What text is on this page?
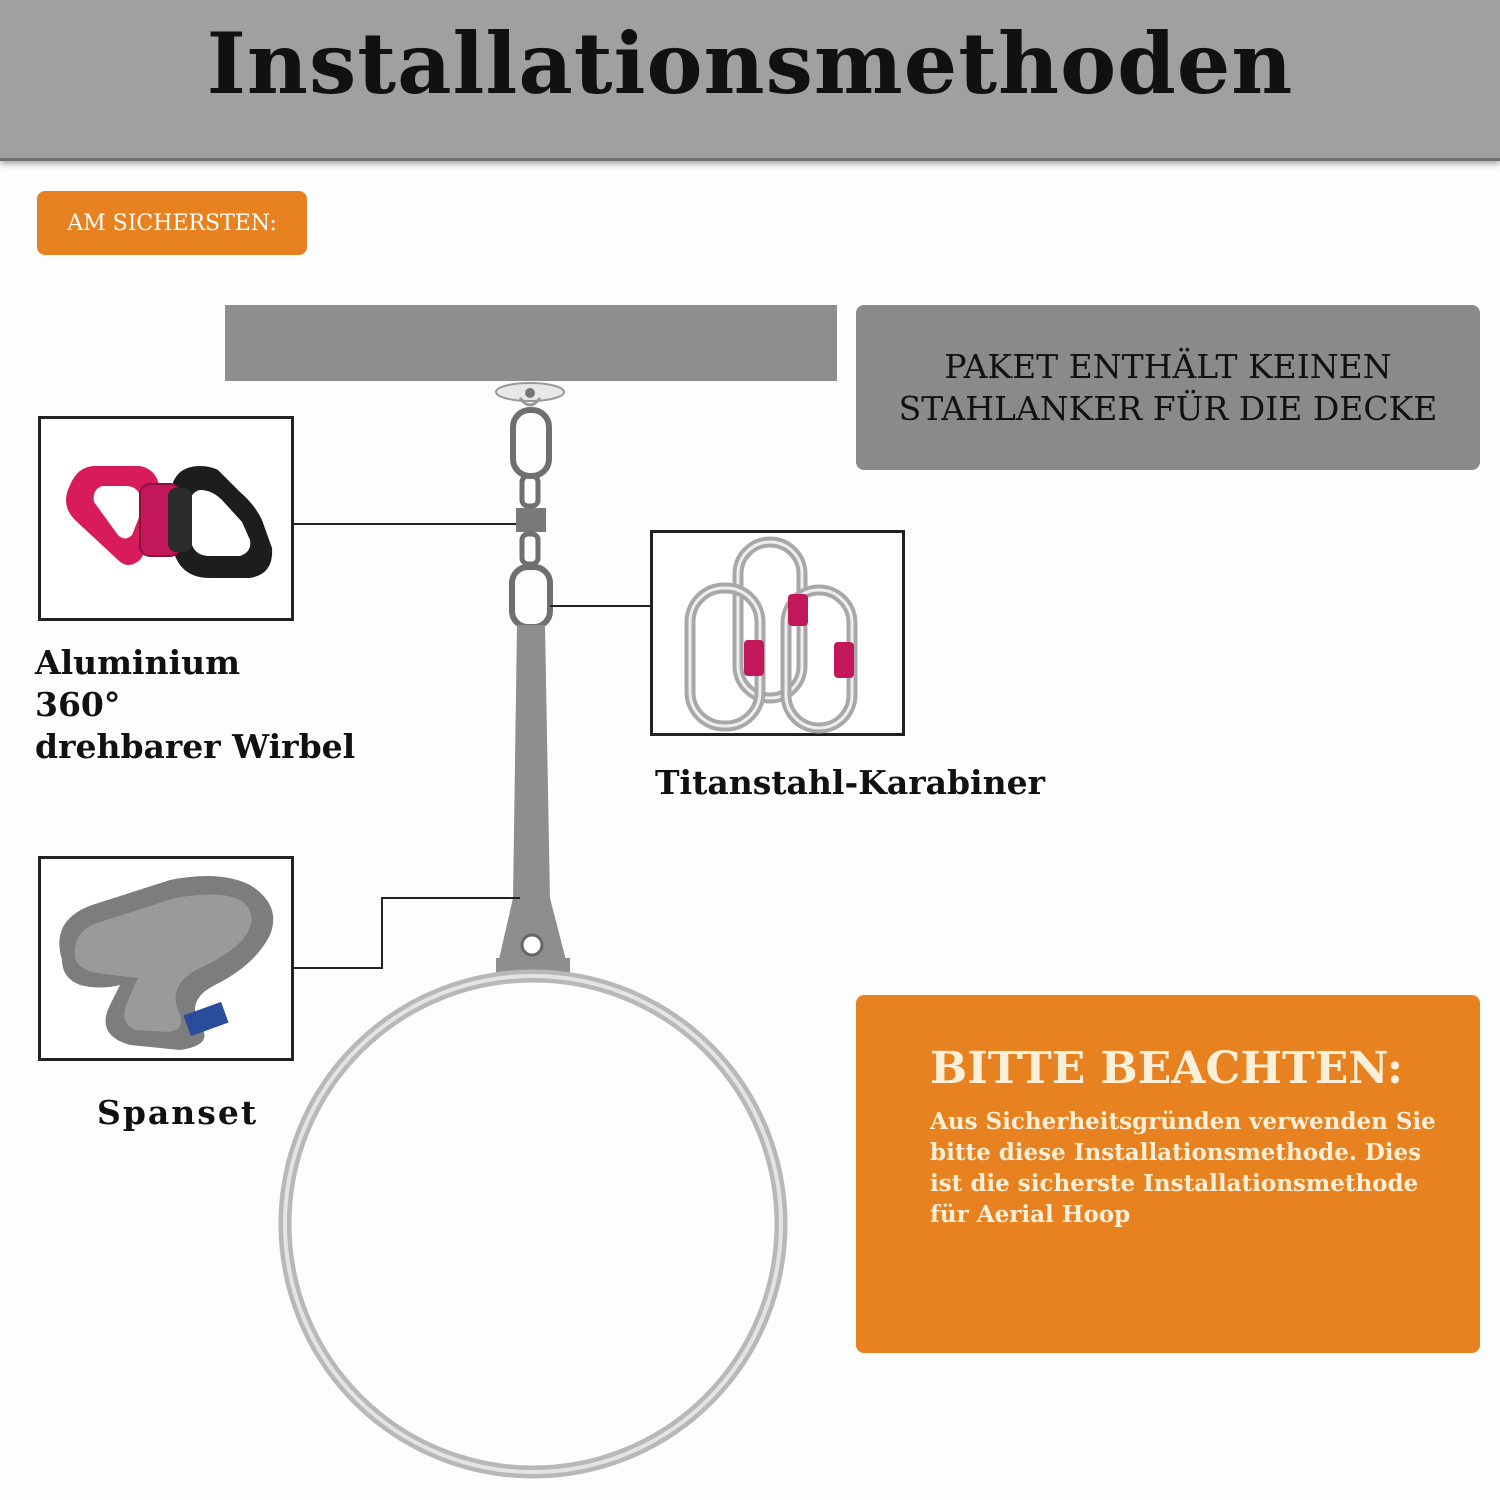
Installationsmethoden
AM SICHERSTEN:
PAKET ENTHÄLT KEINEN STAHLANKER FÜR DIE DECKE
Aluminium
360°
drehbarer Wirbel
Titanstahl-Karabiner
Spanset
BITTE BEACHTEN:
Aus Sicherheitsgründen verwenden Sie bitte diese Installationsmethode. Dies ist die sicherste Installationsmethode für Aerial Hoop
